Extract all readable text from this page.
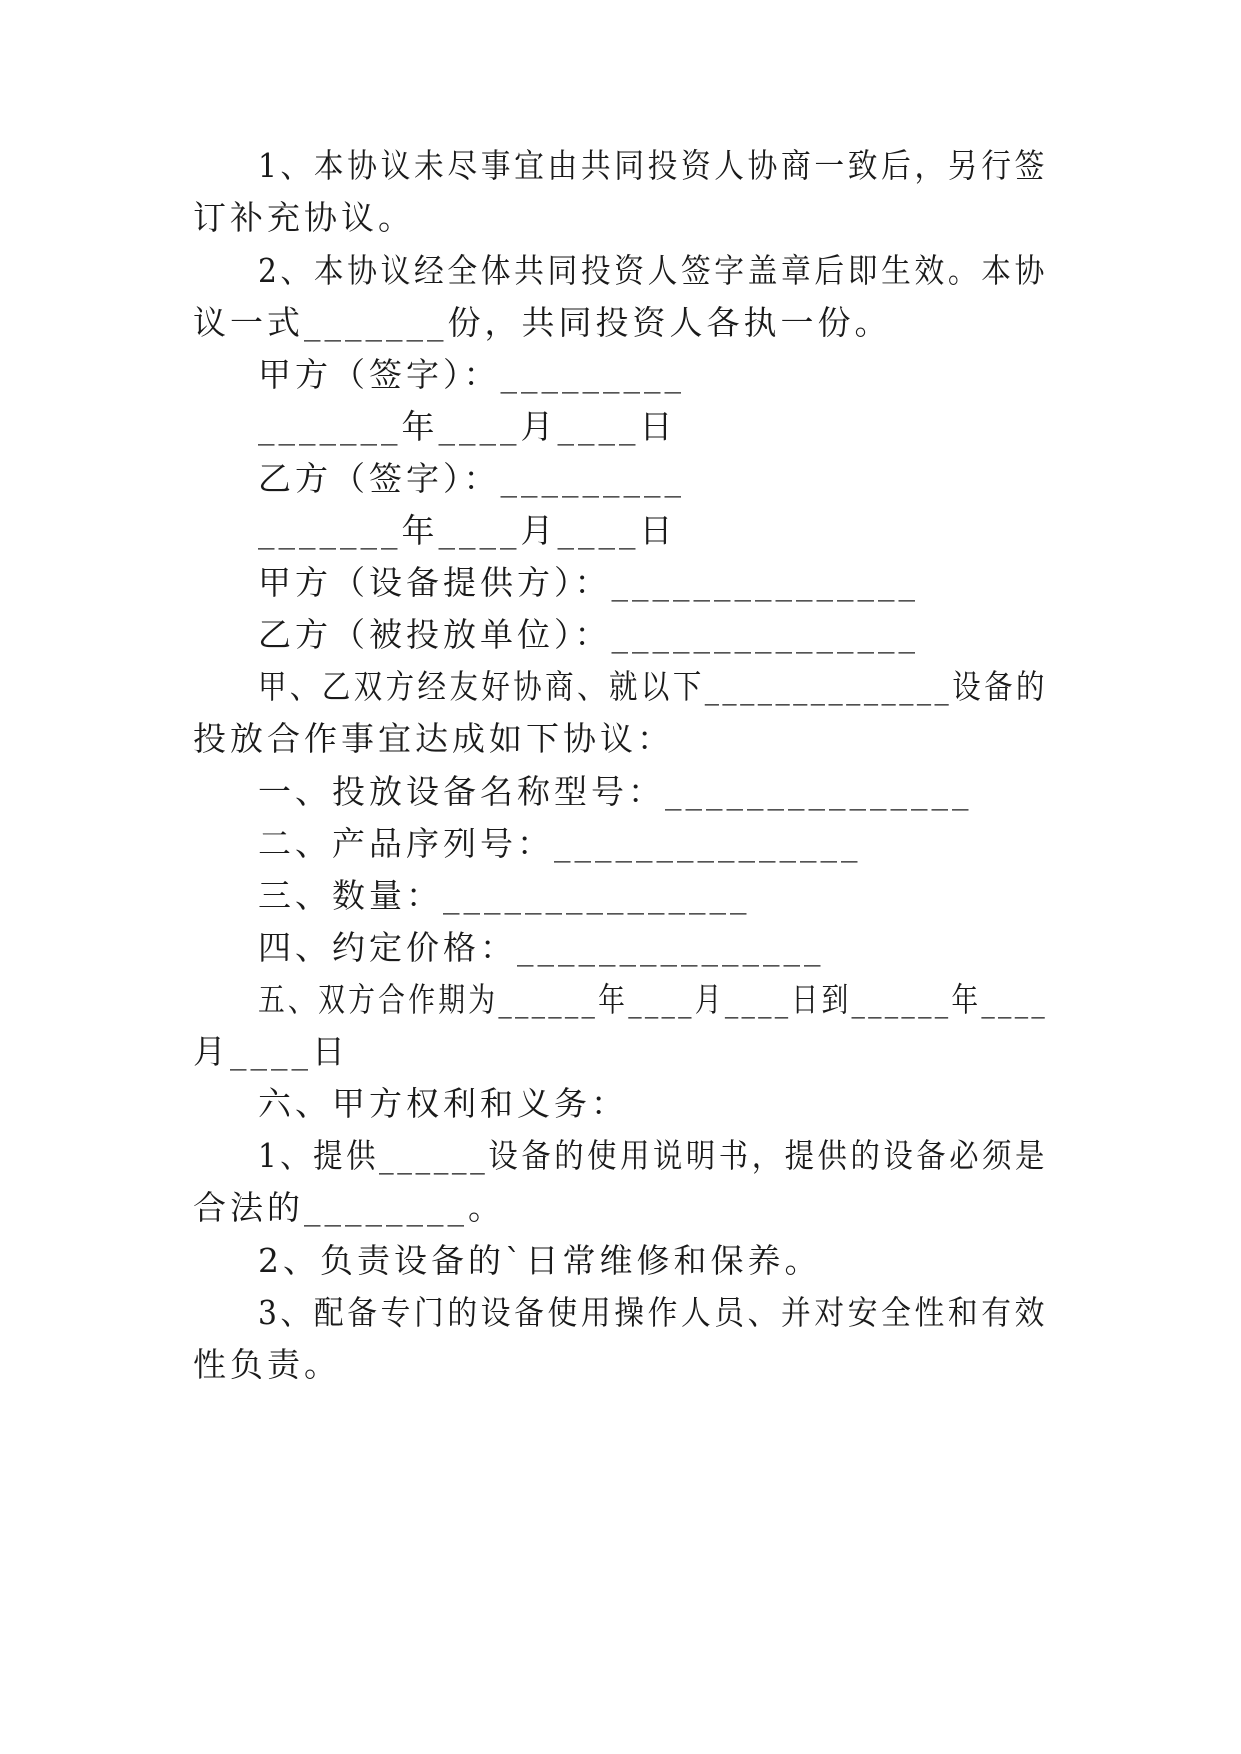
1、本协议未尽事宜由共同投资人协商一致后，另行签
订补充协议。
2、本协议经全体共同投资人签字盖章后即生效。本协
议一式_______份，共同投资人各执一份。
甲方（签字）：_________
_______年____月____日
乙方（签字）：_________
_______年____月____日
甲方（设备提供方）：_______________
乙方（被投放单位）：_______________
甲、乙双方经友好协商、就以下______________设备的
投放合作事宜达成如下协议：
一、投放设备名称型号：_______________
二、产品序列号：_______________
三、数量：_______________
四、约定价格：_______________
五、双方合作期为______年____月____日到______年____
月____日
六、甲方权利和义务：
1、提供______设备的使用说明书，提供的设备必须是
合法的________。
2、负责设备的`日常维修和保养。
3、配备专门的设备使用操作人员、并对安全性和有效
性负责。
